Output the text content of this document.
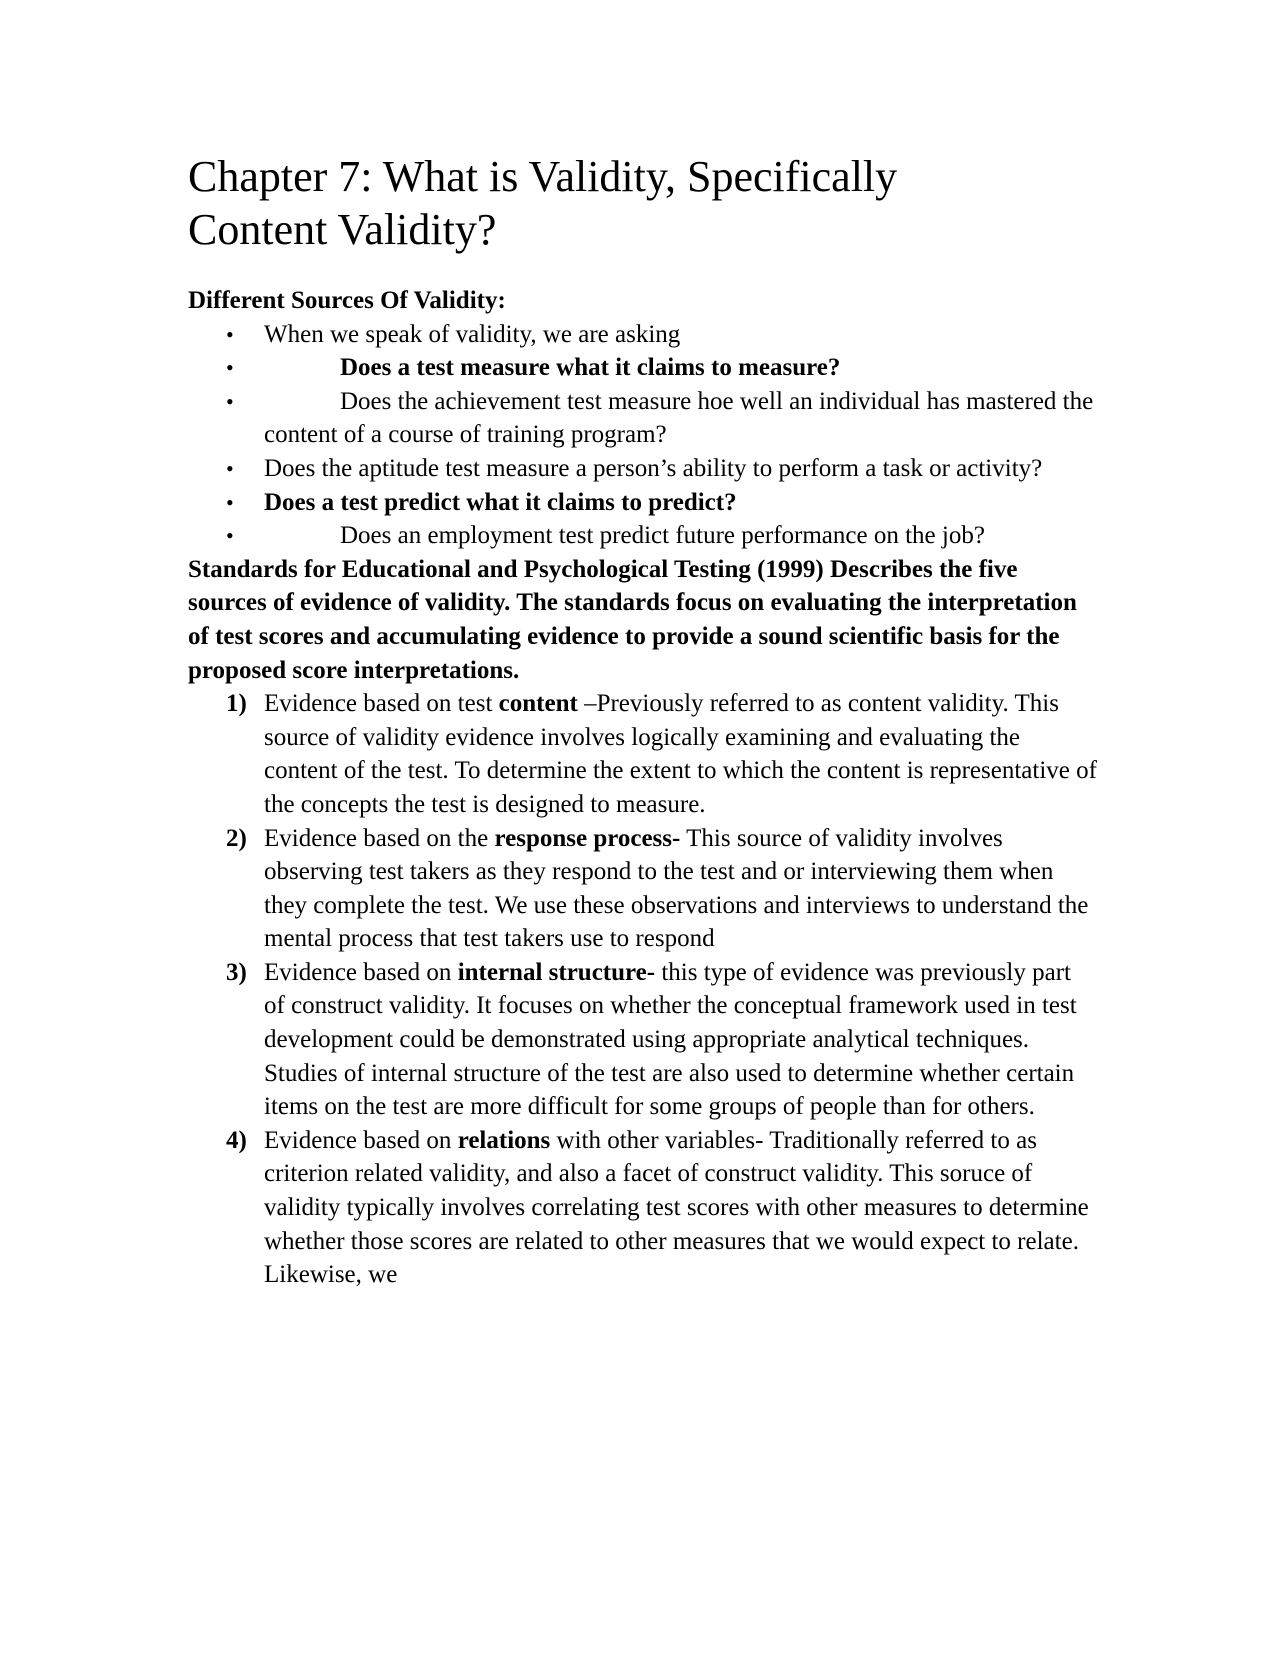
Chapter 7: What is Validity, Specifically Content Validity?

Different Sources Of Validity:

• When we speak of validity, we are asking
•	Does a test measure what it claims to measure?
•	Does the achievement test measure hoe well an individual has mastered the content of a course of training program?
• Does the aptitude test measure a person’s ability to perform a task or activity?
• Does a test predict what it claims to predict?
•	Does an employment test predict future performance on the job?

Standards for Educational and Psychological Testing (1999) Describes the five sources of evidence of validity. The standards focus on evaluating the interpretation of test scores and accumulating evidence to provide a sound scientific basis for the proposed score interpretations.

1) Evidence based on test content –Previously referred to as content validity. This source of validity evidence involves logically examining and evaluating the content of the test. To determine the extent to which the content is representative of the concepts the test is designed to measure.
2) Evidence based on the response process- This source of validity involves observing test takers as they respond to the test and or interviewing them when they complete the test. We use these observations and interviews to understand the mental process that test takers use to respond
3) Evidence based on internal structure- this type of evidence was previously part of construct validity. It focuses on whether the conceptual framework used in test development could be demonstrated using appropriate analytical techniques. Studies of internal structure of the test are also used to determine whether certain items on the test are more difficult for some groups of people than for others.
4) Evidence based on relations with other variables- Traditionally referred to as criterion related validity, and also a facet of construct validity. This soruce of validity typically involves correlating test scores with other measures to determine whether those scores are related to other measures that we would expect to relate. Likewise, we
